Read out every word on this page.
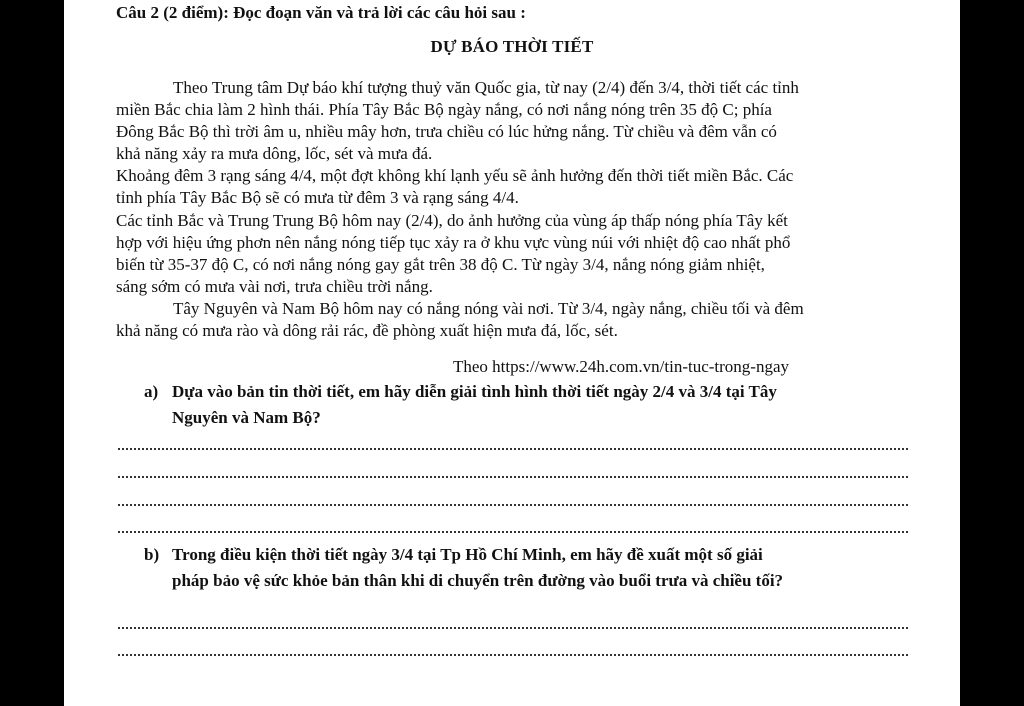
Câu 2 (2 điểm): Đọc đoạn văn và trả lời các câu hỏi sau :
DỰ BÁO THỜI TIẾT
Theo Trung tâm Dự báo khí tượng thuỷ văn Quốc gia, từ nay (2/4) đến 3/4, thời tiết các tỉnh
miền Bắc chia làm 2 hình thái. Phía Tây Bắc Bộ ngày nắng, có nơi nắng nóng trên 35 độ C; phía
Đông Bắc Bộ thì trời âm u, nhiều mây hơn, trưa chiều có lúc hửng nắng. Từ chiều và đêm vẫn có
khả năng xảy ra mưa dông, lốc, sét và mưa đá.
Khoảng đêm 3 rạng sáng 4/4, một đợt không khí lạnh yếu sẽ ảnh hưởng đến thời tiết miền Bắc. Các
tỉnh phía Tây Bắc Bộ sẽ có mưa từ đêm 3 và rạng sáng 4/4.
Các tỉnh Bắc và Trung Trung Bộ hôm nay (2/4), do ảnh hưởng của vùng áp thấp nóng phía Tây kết
hợp với hiệu ứng phơn nên nắng nóng tiếp tục xảy ra ở khu vực vùng núi với nhiệt độ cao nhất phổ
biến từ 35-37 độ C, có nơi nắng nóng gay gắt trên 38 độ C. Từ ngày 3/4, nắng nóng giảm nhiệt,
sáng sớm có mưa vài nơi, trưa chiều trời nắng.
Tây Nguyên và Nam Bộ hôm nay có nắng nóng vài nơi. Từ 3/4, ngày nắng, chiều tối và đêm
khả năng có mưa rào và dông rải rác, đề phòng xuất hiện mưa đá, lốc, sét.
Theo https://www.24h.com.vn/tin-tuc-trong-ngay
a) Dựa vào bản tin thời tiết, em hãy diễn giải tình hình thời tiết ngày 2/4 và 3/4 tại Tây
Nguyên và Nam Bộ?
b) Trong điều kiện thời tiết ngày 3/4 tại Tp Hồ Chí Minh, em hãy đề xuất một số giải
pháp bảo vệ sức khỏe bản thân khi di chuyển trên đường vào buổi trưa và chiều tối?
